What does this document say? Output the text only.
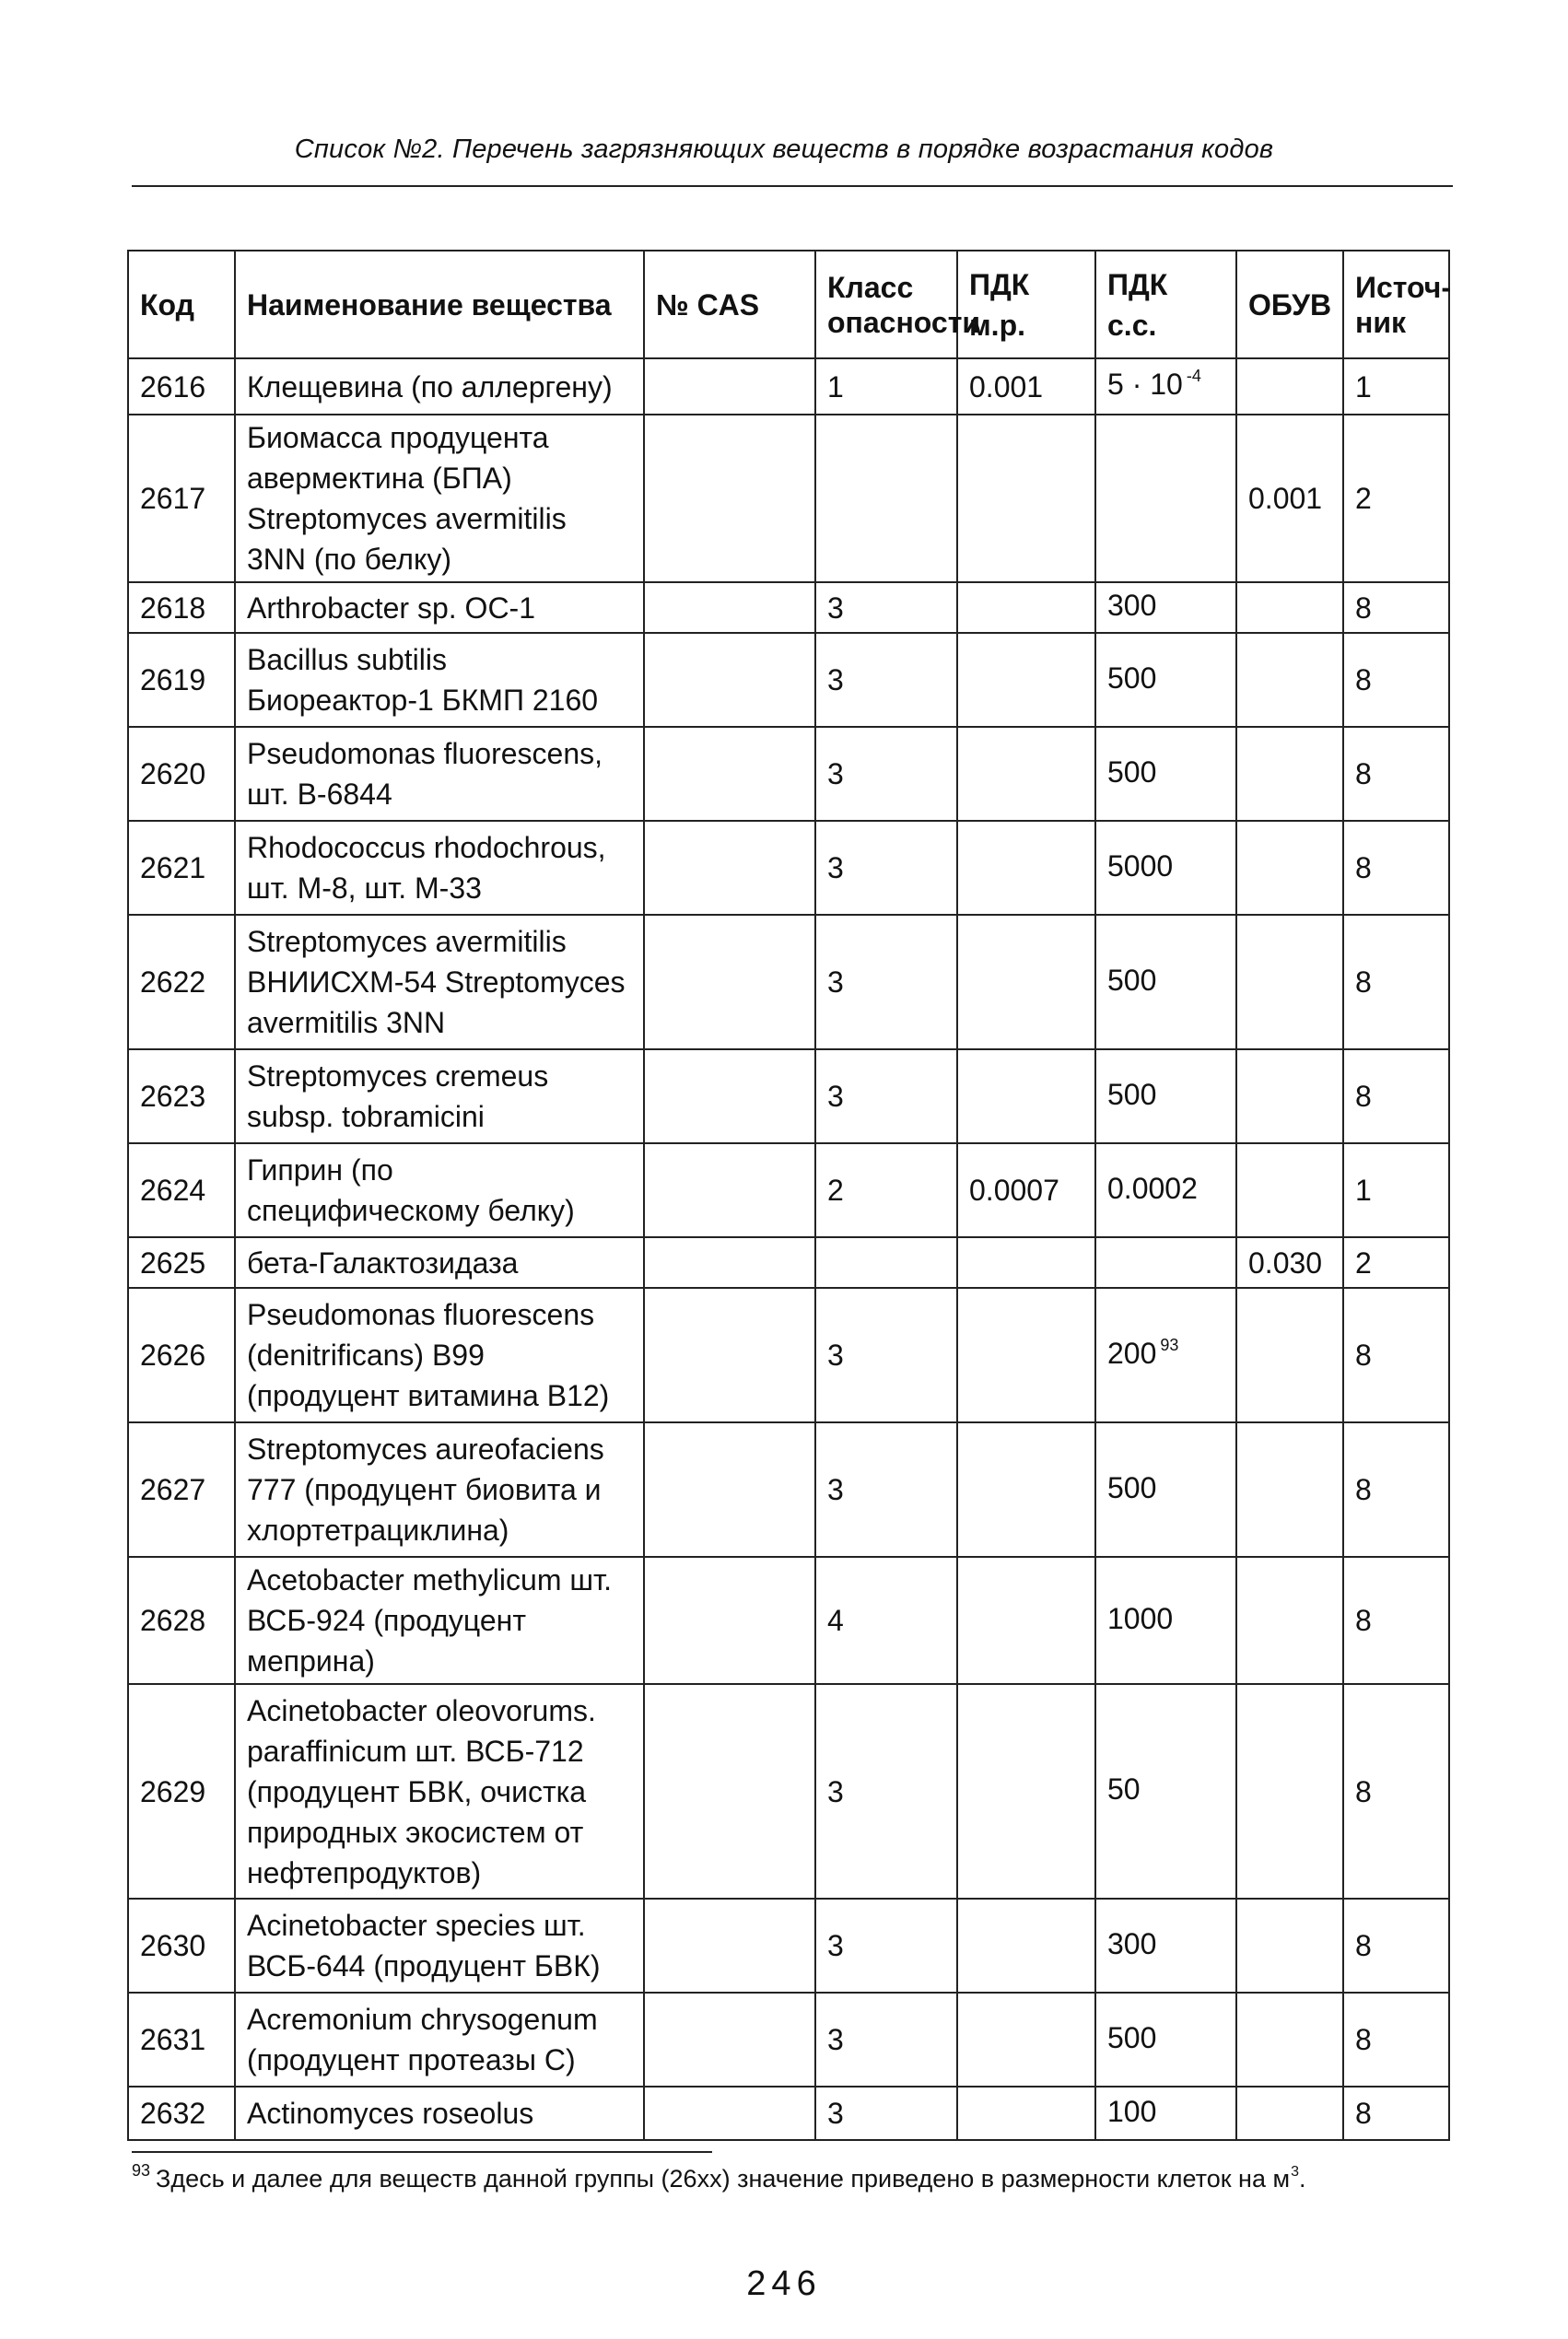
Список №2. Перечень загрязняющих веществ в порядке возрастания кодов
Код	Наименование вещества	№ CAS	Класс опасности	ПДК м.р.	ПДК с.с.	ОБУВ	Источ-ник
2616	Клещевина (по аллергену)		1	0.001	5 · 10 $^{-4}$		1
2617	Биомасса продуцента авермектина (БПА) Streptomyces avermitilis 3NN (по белку)					0.001	2
2618	Arthrobacter sp. OC-1		3		300		8
2619	Bacillus subtilis Биореактор-1 БКМП 2160		3		500		8
2620	Pseudomonas fluorescens, шт. В-6844		3		500		8
2621	Rhodococcus rhodochrous, шт. М-8, шт. М-33		3		5000		8
2622	Streptomyces avermitilis ВНИИСХМ-54 Streptomyces avermitilis 3NN		3		500		8
2623	Streptomyces cremeus subsp. tobramicini		3		500		8
2624	Гиприн (по специфическому белку)		2	0.0007	0.0002		1
2625	бета-Галактозидаза					0.030	2
2626	Pseudomonas fluorescens (denitrificans) B99 (продуцент витамина В12)		3		200 $^{93}$		8
2627	Streptomyces aureofaciens 777 (продуцент биовита и хлортетрациклина)		3		500		8
2628	Acetobacter methylicum шт. ВСБ-924 (продуцент меприна)		4		1000		8
2629	Acinetobacter oleovorums. paraffinicum шт. ВСБ-712 (продуцент БВК, очистка природных экосистем от нефтепродуктов)		3		50		8
2630	Acinetobacter species шт. ВСБ-644 (продуцент БВК)		3		300		8
2631	Acremonium chrysogenum (продуцент протеазы С)		3		500		8
2632	Actinomyces roseolus		3		100		8
$^{93}$ Здесь и далее для веществ данной группы (26хх) значение приведено в размерности клеток на $м^3$.
246
